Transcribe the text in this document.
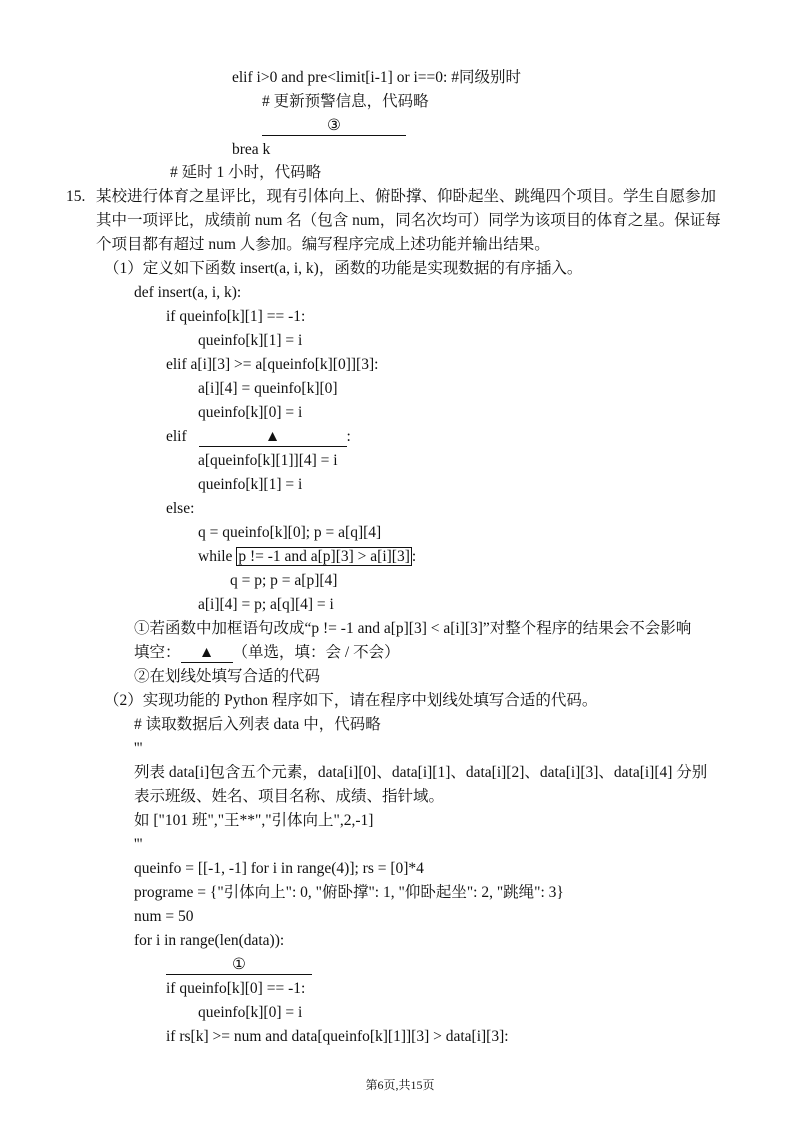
elif i>0 and pre<limit[i-1] or i==0: #同级别时
# 更新预警信息，代码略
③
brea k
# 延时 1 小时，代码略
15. 某校进行体育之星评比，现有引体向上、俯卧撑、仰卧起坐、跳绳四个项目。学生自愿参加
其中一项评比，成绩前 num 名（包含 num，同名次均可）同学为该项目的体育之星。保证每
个项目都有超过 num 人参加。编写程序完成上述功能并输出结果。
（1）定义如下函数 insert(a, i, k)，函数的功能是实现数据的有序插入。
def insert(a, i, k):
if queinfo[k][1] == -1:
queinfo[k][1] = i
elif a[i][3] >= a[queinfo[k][0]][3]:
a[i][4] = queinfo[k][0]
queinfo[k][0] = i
elif	▲	:
a[queinfo[k][1]][4] = i
queinfo[k][1] = i
else:
q = queinfo[k][0]; p = a[q][4]
while p != -1 and a[p][3] > a[i][3] :
q = p; p = a[p][4]
a[i][4] = p; a[q][4] = i
①若函数中加框语句改成“p != -1 and a[p][3] < a[i][3]”对整个程序的结果会不会影响
填空： ▲ （单选，填：会 / 不会）
②在划线处填写合适的代码
（2）实现功能的 Python 程序如下，请在程序中划线处填写合适的代码。
# 读取数据后入列表 data 中，代码略
'''
列表 data[i]包含五个元素，data[i][0]、data[i][1]、data[i][2]、data[i][3]、data[i][4] 分别
表示班级、姓名、项目名称、成绩、指针域。
如 ["101 班","王**","引体向上",2,-1]
'''
queinfo = [[-1, -1] for i in range(4)]; rs = [0]*4
programe = {"引体向上": 0, "俯卧撑": 1, "仰卧起坐": 2, "跳绳": 3}
num = 50
for i in range(len(data)):
①
if queinfo[k][0] == -1:
queinfo[k][0] = i
if rs[k] >= num and data[queinfo[k][1]][3] > data[i][3]:
第6页,共15页
